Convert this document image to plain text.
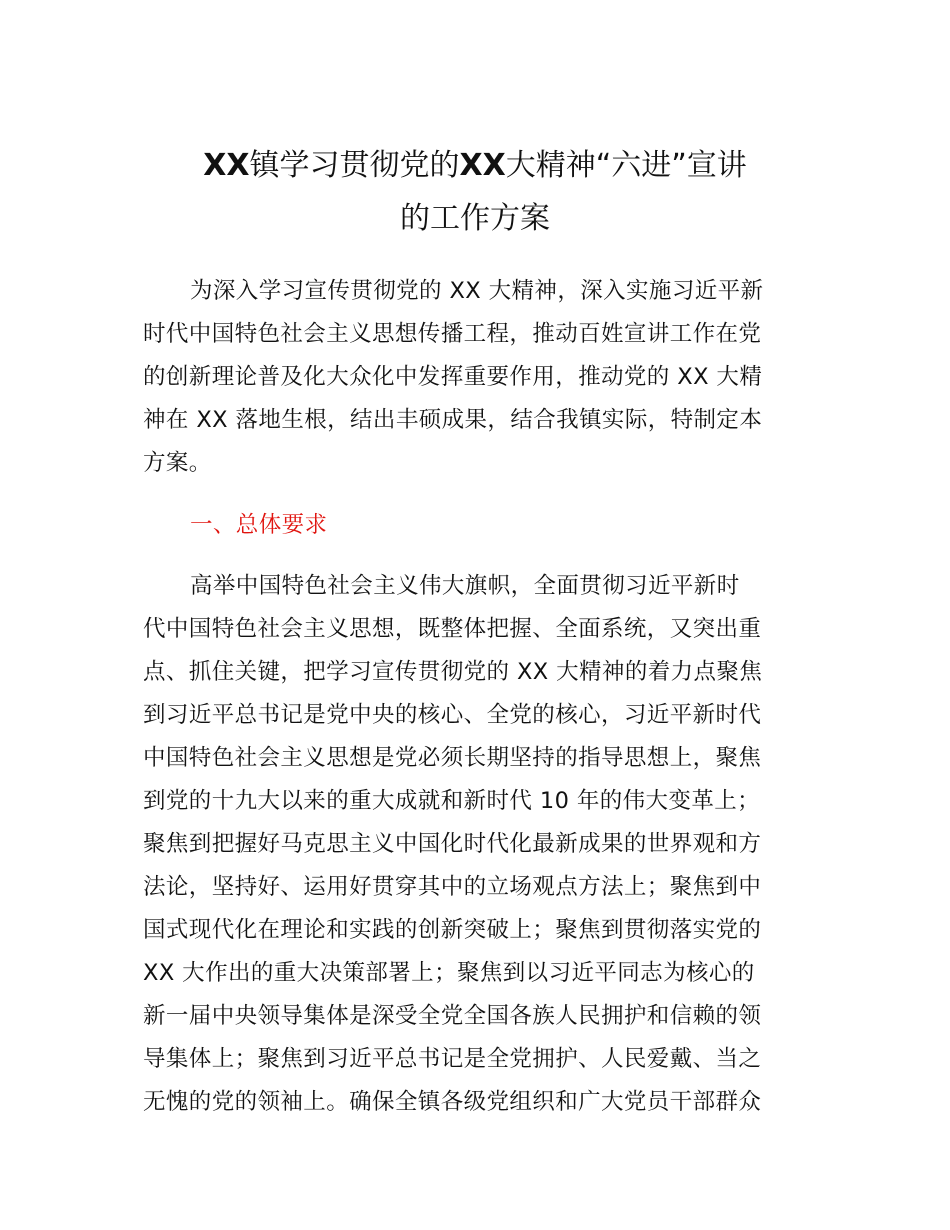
XX镇学习贯彻党的XX大精神“六进”宣讲
的工作方案
为深入学习宣传贯彻党的 XX 大精神，深入实施习近平新
时代中国特色社会主义思想传播工程，推动百姓宣讲工作在党
的创新理论普及化大众化中发挥重要作用，推动党的 XX 大精
神在 XX 落地生根，结出丰硕成果，结合我镇实际，特制定本
方案。
一、总体要求
高举中国特色社会主义伟大旗帜，全面贯彻习近平新时
代中国特色社会主义思想，既整体把握、全面系统，又突出重
点、抓住关键，把学习宣传贯彻党的 XX 大精神的着力点聚焦
到习近平总书记是党中央的核心、全党的核心，习近平新时代
中国特色社会主义思想是党必须长期坚持的指导思想上，聚焦
到党的十九大以来的重大成就和新时代 10 年的伟大变革上；
聚焦到把握好马克思主义中国化时代化最新成果的世界观和方
法论，坚持好、运用好贯穿其中的立场观点方法上；聚焦到中
国式现代化在理论和实践的创新突破上；聚焦到贯彻落实党的
XX 大作出的重大决策部署上；聚焦到以习近平同志为核心的
新一届中央领导集体是深受全党全国各族人民拥护和信赖的领
导集体上；聚焦到习近平总书记是全党拥护、人民爱戴、当之
无愧的党的领袖上。确保全镇各级党组织和广大党员干部群众
